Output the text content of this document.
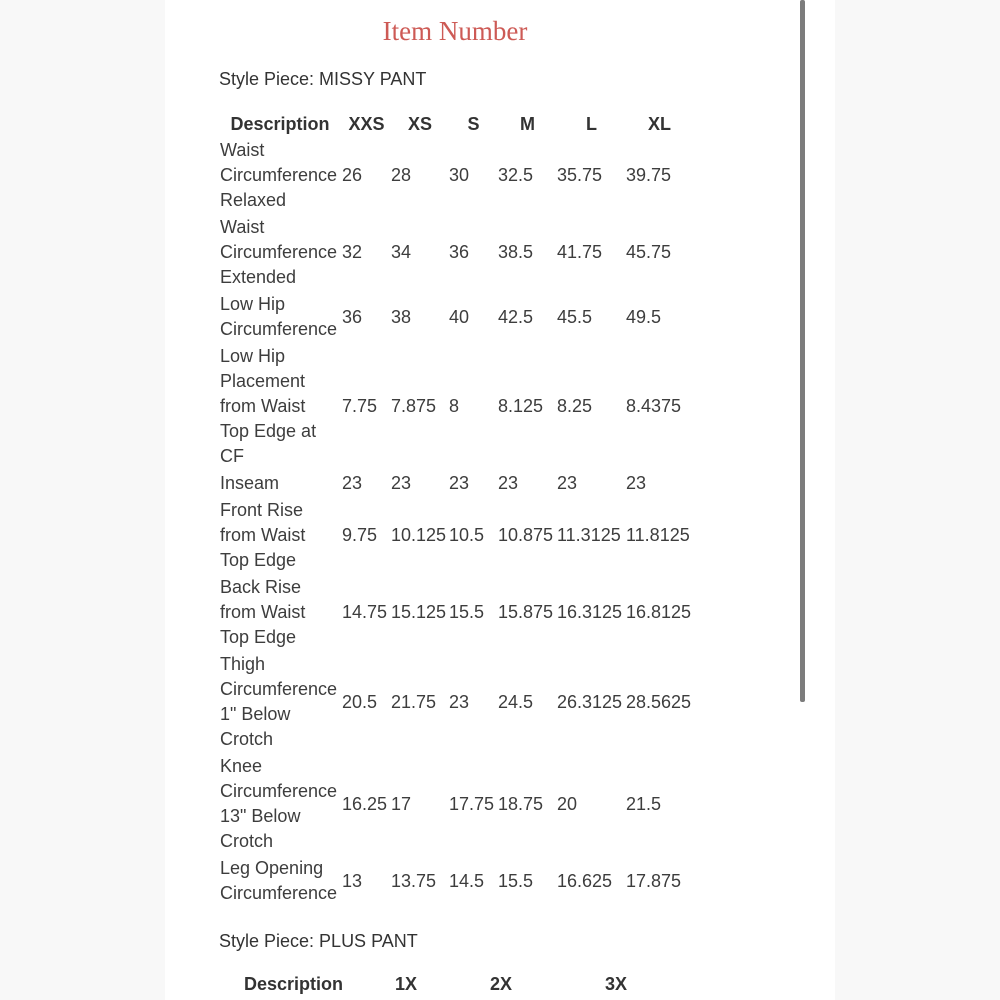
Item Number
Style Piece: MISSY PANT
Description	XXS	XS	S	M	L	XL

Waist
Circumference
Relaxed	26	28	30	32.5	35.75	39.75

Waist
Circumference
Extended	32	34	36	38.5	41.75	45.75

Low Hip
Circumference	36	38	40	42.5	45.5	49.5

Low Hip
Placement
from Waist
Top Edge at
CF	7.75	7.875	8	8.125	8.25	8.4375

Inseam	23	23	23	23	23	23

Front Rise
from Waist
Top Edge	9.75	10.125	10.5	10.875	11.3125	11.8125

Back Rise
from Waist
Top Edge	14.75	15.125	15.5	15.875	16.3125	16.8125

Thigh
Circumference
1" Below
Crotch	20.5	21.75	23	24.5	26.3125	28.5625

Knee
Circumference
13" Below
Crotch	16.25	17	17.75	18.75	20	21.5

Leg Opening
Circumference	13	13.75	14.5	15.5	16.625	17.875
Style Piece: PLUS PANT
Description	1X	2X	3X
